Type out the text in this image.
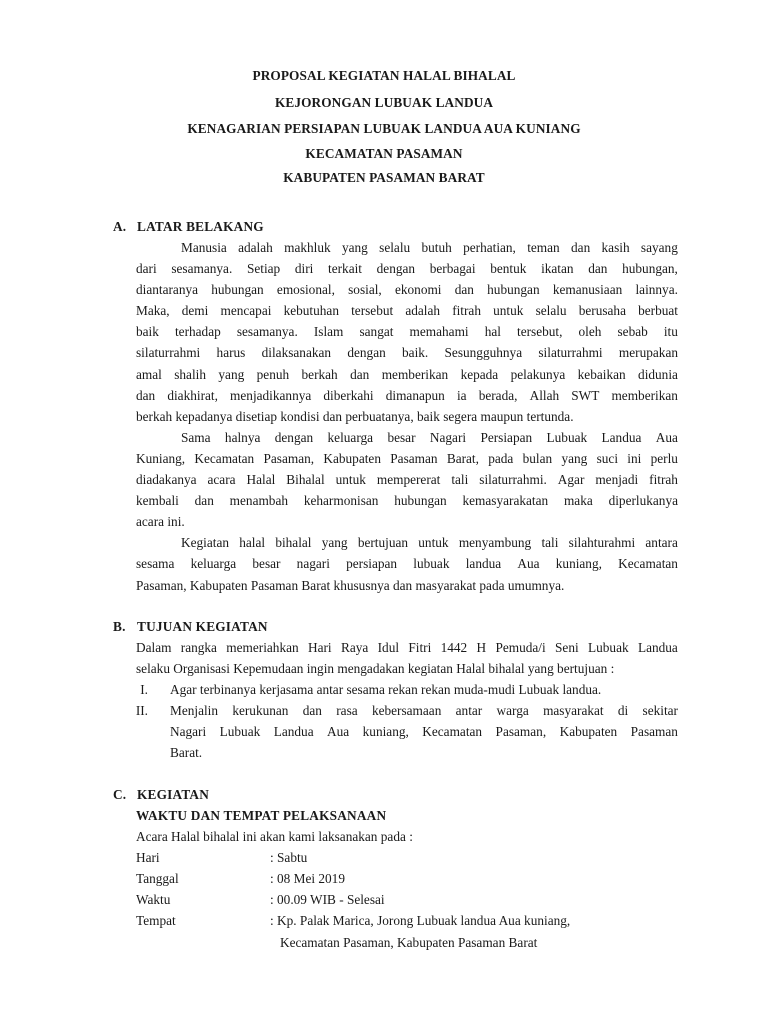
PROPOSAL KEGIATAN HALAL BIHALAL
KEJORONGAN LUBUAK LANDUA
KENAGARIAN PERSIAPAN LUBUAK LANDUA AUA KUNIANG
KECAMATAN PASAMAN
KABUPATEN PASAMAN BARAT
A. LATAR BELAKANG
Manusia adalah makhluk yang selalu butuh perhatian, teman dan kasih sayang
dari sesamanya. Setiap diri terkait dengan berbagai bentuk ikatan dan hubungan,
diantaranya hubungan emosional, sosial, ekonomi dan hubungan kemanusiaan lainnya.
Maka, demi mencapai kebutuhan tersebut adalah fitrah untuk selalu berusaha berbuat
baik terhadap sesamanya. Islam sangat memahami hal tersebut, oleh sebab itu
silaturrahmi harus dilaksanakan dengan baik. Sesungguhnya silaturrahmi merupakan
amal shalih yang penuh berkah dan memberikan kepada pelakunya kebaikan didunia
dan diakhirat, menjadikannya diberkahi dimanapun ia berada, Allah SWT memberikan
berkah kepadanya disetiap kondisi dan perbuatanya, baik segera maupun tertunda.
Sama halnya dengan keluarga besar Nagari Persiapan Lubuak Landua Aua
Kuniang, Kecamatan Pasaman, Kabupaten Pasaman Barat, pada bulan yang suci ini perlu
diadakanya acara Halal Bihalal untuk mempererat tali silaturrahmi. Agar menjadi fitrah
kembali dan menambah keharmonisan hubungan kemasyarakatan maka diperlukanya
acara ini.
Kegiatan halal bihalal yang bertujuan untuk menyambung tali silahturahmi antara
sesama keluarga besar nagari persiapan lubuak landua Aua kuniang, Kecamatan
Pasaman, Kabupaten Pasaman Barat khususnya dan masyarakat pada umumnya.
B. TUJUAN KEGIATAN
Dalam rangka memeriahkan Hari Raya Idul Fitri 1442 H Pemuda/i Seni Lubuak Landua
selaku Organisasi Kepemudaan ingin mengadakan kegiatan Halal bihalal yang bertujuan :
I. Agar terbinanya kerjasama antar sesama rekan rekan muda-mudi Lubuak landua.
II. Menjalin kerukunan dan rasa kebersamaan antar warga masyarakat di sekitar
Nagari Lubuak Landua Aua kuniang, Kecamatan Pasaman, Kabupaten Pasaman
Barat.
C. KEGIATAN
WAKTU DAN TEMPAT PELAKSANAAN
Acara Halal bihalal ini akan kami laksanakan pada :
Hari	: Sabtu
Tanggal	: 08 Mei 2019
Waktu	: 00.09 WIB - Selesai
Tempat	: Kp. Palak Marica, Jorong Lubuak landua Aua kuniang,
Kecamatan Pasaman, Kabupaten Pasaman Barat
